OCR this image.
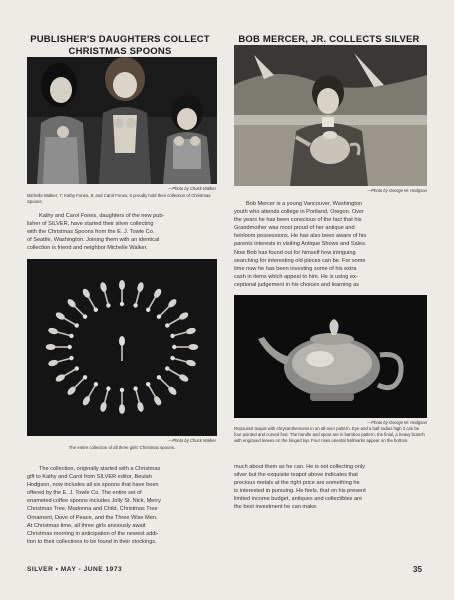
PUBLISHER'S DAUGHTERS COLLECT CHRISTMAS SPOONS
—Photo by Chuck Walker
Michelle Walker, 7; Kathy Fones, 8; and Carol Fones, 5 proudly hold their collection of Christmas Spoons.
Kathy and Carol Fones, daughters of the new pub-
lisher of SILVER, have started their silver collecting
with the Christmas Spoons from the E. J. Towle Co.
of Seattle, Washington. Joining them with an identical
collection is friend and neighbor Michelle Walker.
—Photo by Chuck Walker
The entire collection of all three girls' Christmas spoons.
The collection, originally started with a Christmas
gift to Kathy and Carol from SILVER editor, Beulah
Hodgson, now includes all six spoons that have been
offered by the E. J. Towle Co. The entire set of
enameled coffee spoons includes Jolly St. Nick, Merry
Christmas Tree, Madonna and Child, Christmas Tree
Ornament, Dove of Peace, and the Three Wise Men.
At Christmas time, all three girls anxiously await
Christmas morning in anticipation of the newest addi-
tion to their collections to be found in their stockings.
BOB MERCER, JR. COLLECTS SILVER
—Photo by George W. Hodgson
Bob Mercer is a young Vancouver, Washington
youth who attends college in Portland, Oregon. Over
the years he has been conscious of the fact that his
Grandmother was most proud of her antique and
heirloom possessions. He has also been aware of his
parents interests in visiting Antique Shows and Sales.
Now Bob has found out for himself how intriguing
searching for interesting old pieces can be. For some
time now he has been investing some of his extra
cash in items which appeal to him. He is using ex-
ceptional judgement in his choices and learning as
—Photo by George W. Hodgson
Repoussé teapot with chrysanthemums in an all-over pattern. Eye and a half radius high it can be four pointed and curved foot. The handle and spout are in bamboo pattern, the finial, a heavy branch with engraved leaves on the hinged top. Four rises oriental hallmarks appear on the bottom.
much about them as he can. He is not collecting only
silver but the exquisite teapot above indicates that
precious metals at the right price are something he
is interested in pursuing. He feels, that on his present
limited income budget, antiques and collectibles are
the best investment he can make.
SILVER • MAY - JUNE 1973	35
